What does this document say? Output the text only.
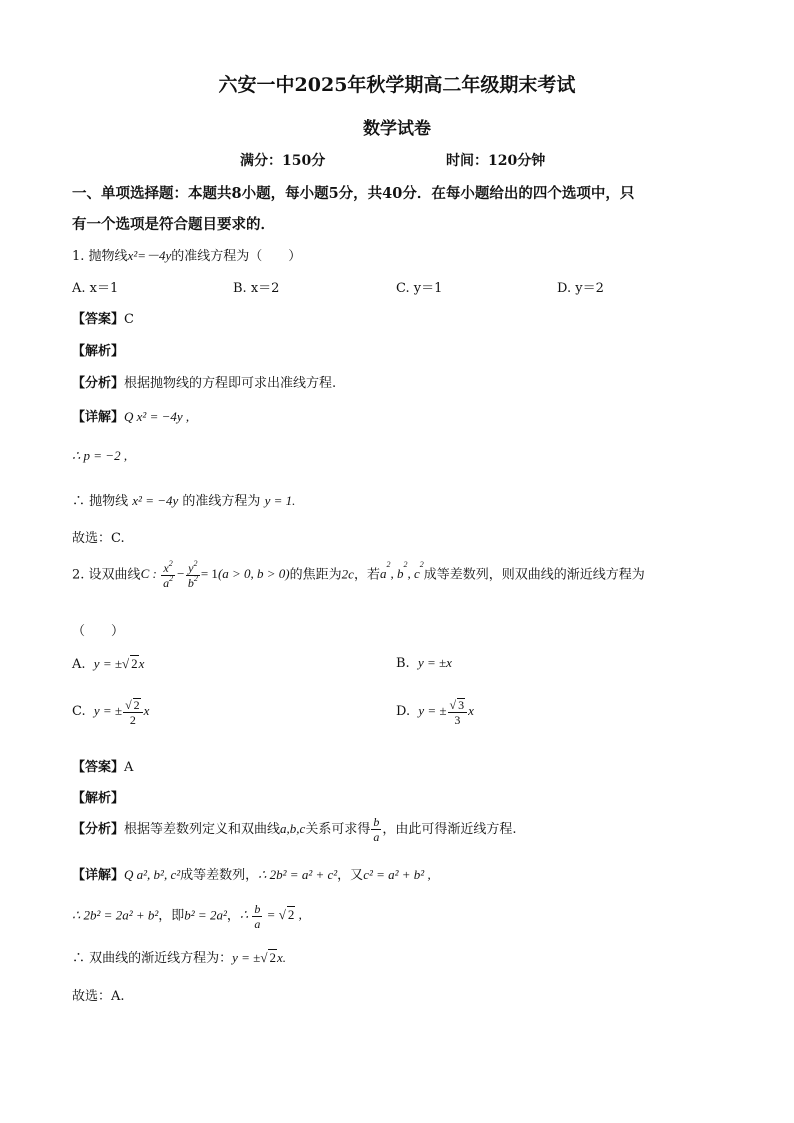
六安一中2025年秋学期高二年级期末考试
数学试卷
满分：150分	时间：120分钟
一、单项选择题：本题共8小题，每小题5分，共40分．在每小题给出的四个选项中，只
有一个选项是符合题目要求的．
1. 抛物线x²=－4y的准线方程为（　　）
A. x＝1	B. x＝2	C. y＝1	D. y＝2
【答案】C
【解析】
【分析】根据抛物线的方程即可求出准线方程.
【详解】Q x² = −4y ,
∴ p = −2 ,
∴ 抛物线 x² = −4y 的准线方程为 y = 1.
故选：C.
2. 设双曲线C : $\frac{x^2}{a^2} - \frac{y^2}{b^2} = 1(a > 0$, b > 0)的焦距为2c，若$a^2$, $b^2$, $c^2$成等差数列，则双曲线的渐近线方程为
（　　）
A. y = ±√ 2x	B. y = ±x
C. y = ± $\frac{√ 2}{2}$ x	D. y = ± $\frac{√ 3}{3}$ x
【答案】A
【解析】
【分析】根据等差数列定义和双曲线a,b,c关系可求得 $\frac{b}{a}$ ，由此可得渐近线方程.
【详解】Q a², b², c²成等差数列，∴ 2b² = a² + c²，又c² = a² + b² ,
∴ 2b² = 2a² + b²，即b² = 2a²，∴ $\frac{b}{a}$ = √ 2 ,
∴ 双曲线的渐近线方程为：y = ±√ 2x.
故选：A.
